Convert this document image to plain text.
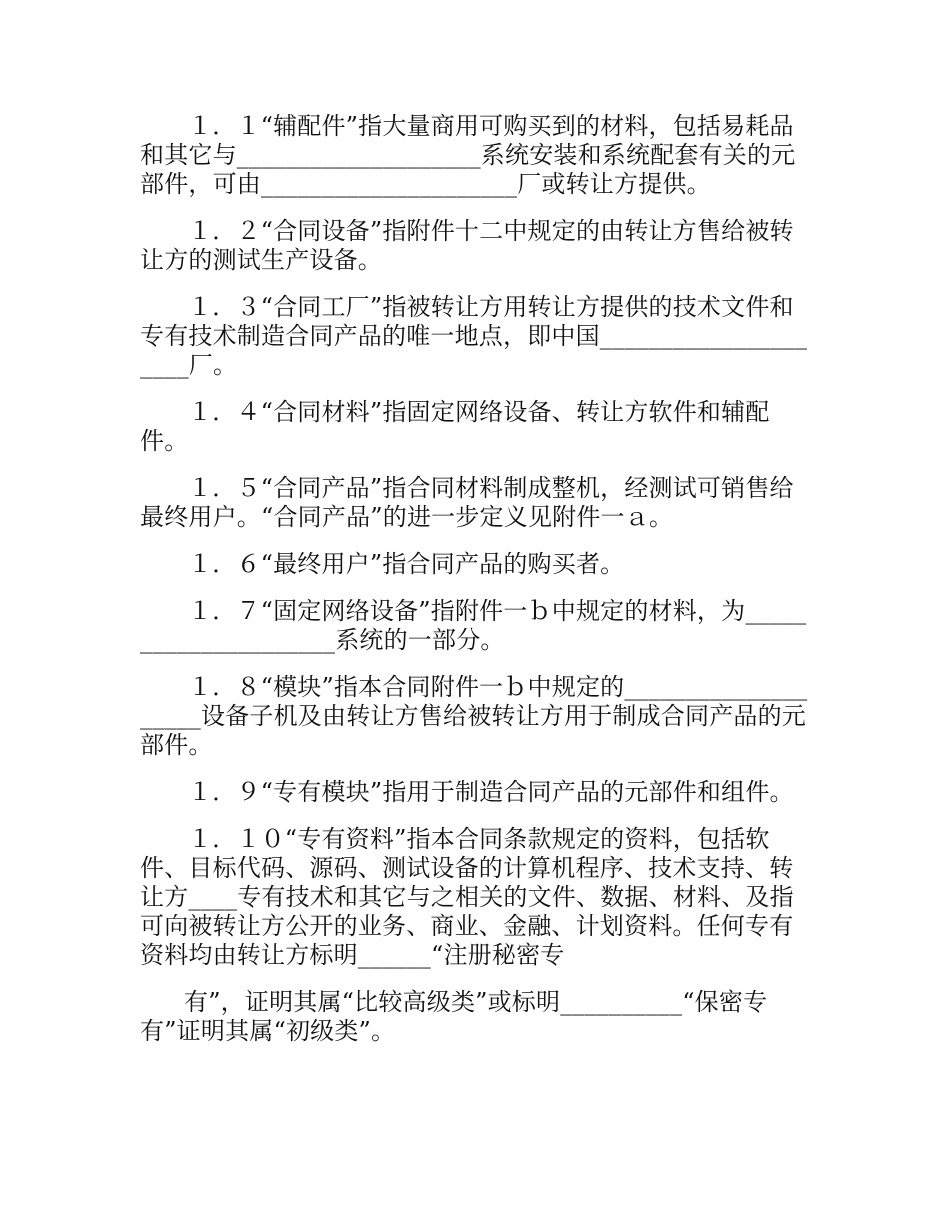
１．１“辅配件”指大量商用可购买到的材料，包括易耗品和其它与____________________系统安装和系统配套有关的元部件，可由_____________________厂或转让方提供。

１．２“合同设备”指附件十二中规定的由转让方售给被转让方的测试生产设备。

１．３“合同工厂”指被转让方用转让方提供的技术文件和专有技术制造合同产品的唯一地点，即中国_____________________厂。

１．４“合同材料”指固定网络设备、转让方软件和辅配件。

１．５“合同产品”指合同材料制成整机，经测试可销售给最终用户。“合同产品”的进一步定义见附件一ａ。

１．６“最终用户”指合同产品的购买者。

１．７“固定网络设备”指附件一ｂ中规定的材料，为_____________________系统的一部分。

１．８“模块”指本合同附件一ｂ中规定的____________________设备子机及由转让方售给被转让方用于制成合同产品的元部件。

１．９“专有模块”指用于制造合同产品的元部件和组件。

１．１０“专有资料”指本合同条款规定的资料，包括软件、目标代码、源码、测试设备的计算机程序、技术支持、转让方____专有技术和其它与之相关的文件、数据、材料、及指可向被转让方公开的业务、商业、金融、计划资料。任何专有资料均由转让方标明______“注册秘密专

有”，证明其属“比较高级类”或标明__________“保密专有”证明其属“初级类”。
